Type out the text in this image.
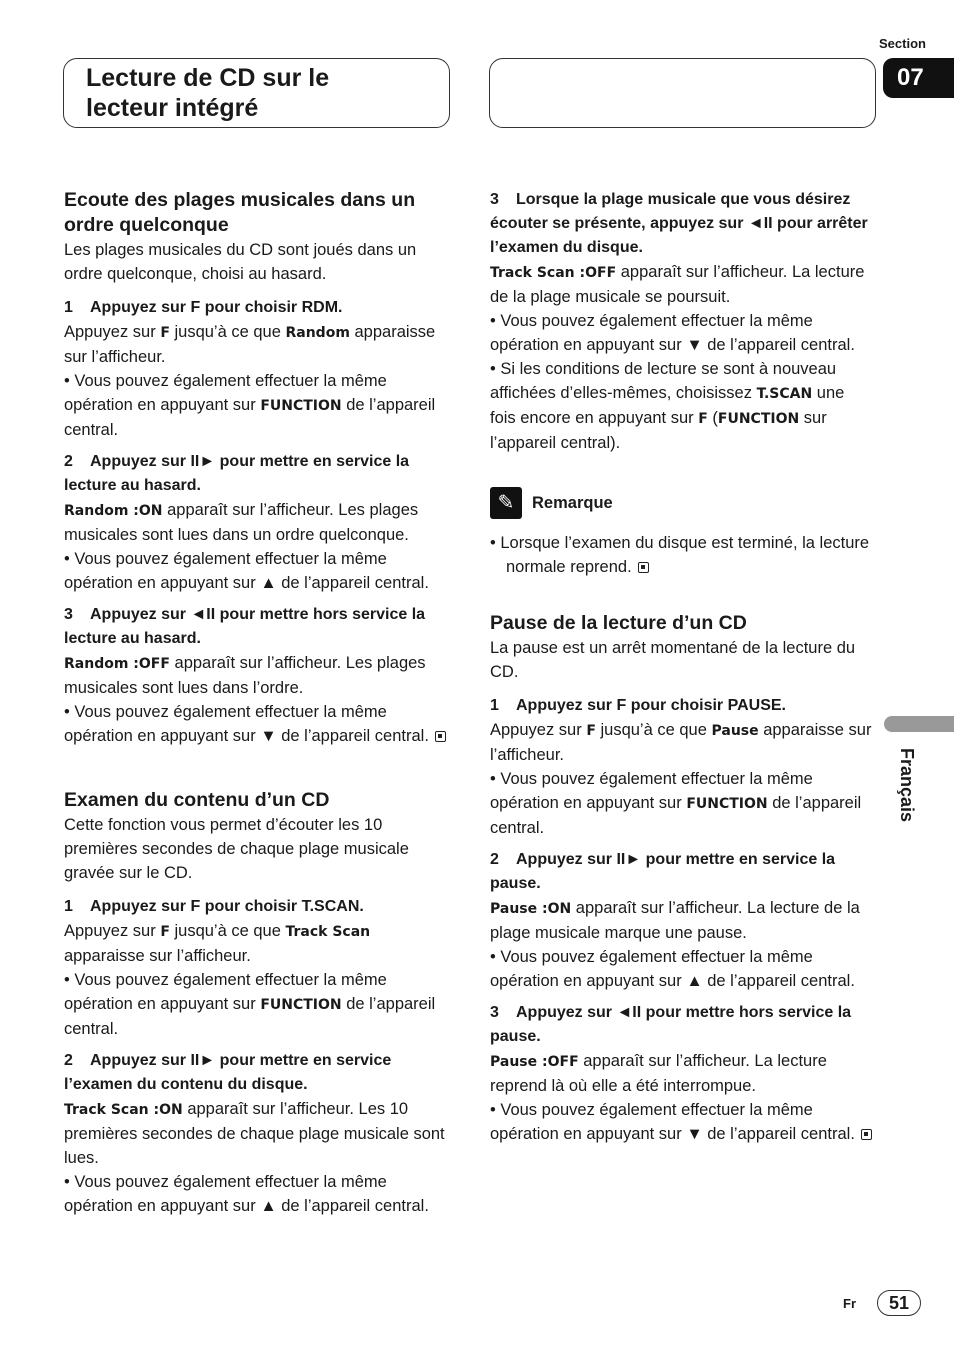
Section
07
Lecture de CD sur le
lecteur intégré
Français

Ecoute des plages musicales dans un ordre quelconque

Les plages musicales du CD sont joués dans un ordre quelconque, choisi au hasard.

1 Appuyez sur F pour choisir RDM.

Appuyez sur F jusqu’à ce que Random apparaisse sur l’afficheur.

• Vous pouvez également effectuer la même opération en appuyant sur FUNCTION de l’appareil central.

2 Appuyez sur II► pour mettre en service la lecture au hasard.

Random :ON apparaît sur l’afficheur. Les plages musicales sont lues dans un ordre quelconque.

• Vous pouvez également effectuer la même opération en appuyant sur ▲ de l’appareil central.

3 Appuyez sur ◄II pour mettre hors service la lecture au hasard.

Random :OFF apparaît sur l’afficheur. Les plages musicales sont lues dans l’ordre.

• Vous pouvez également effectuer la même opération en appuyant sur ▼ de l’appareil central.

Examen du contenu d’un CD

Cette fonction vous permet d’écouter les 10 premières secondes de chaque plage musicale gravée sur le CD.

1 Appuyez sur F pour choisir T.SCAN.

Appuyez sur F jusqu’à ce que Track Scan apparaisse sur l’afficheur.

• Vous pouvez également effectuer la même opération en appuyant sur FUNCTION de l’appareil central.

2 Appuyez sur II► pour mettre en service l’examen du contenu du disque.

Track Scan :ON apparaît sur l’afficheur. Les 10 premières secondes de chaque plage musicale sont lues.

• Vous pouvez également effectuer la même opération en appuyant sur ▲ de l’appareil central.

3 Lorsque la plage musicale que vous désirez écouter se présente, appuyez sur ◄II pour arrêter l’examen du disque.

Track Scan :OFF apparaît sur l’afficheur. La lecture de la plage musicale se poursuit.

• Vous pouvez également effectuer la même opération en appuyant sur ▼ de l’appareil central.

• Si les conditions de lecture se sont à nouveau affichées d’elles-mêmes, choisissez T.SCAN une fois encore en appuyant sur F (FUNCTION sur l’appareil central).

✎	Remarque

• Lorsque l’examen du disque est terminé, la lecture normale reprend.

Pause de la lecture d’un CD

La pause est un arrêt momentané de la lecture du CD.

1 Appuyez sur F pour choisir PAUSE.

Appuyez sur F jusqu’à ce que Pause apparaisse sur l’afficheur.

• Vous pouvez également effectuer la même opération en appuyant sur FUNCTION de l’appareil central.

2 Appuyez sur II► pour mettre en service la pause.

Pause :ON apparaît sur l’afficheur. La lecture de la plage musicale marque une pause.

• Vous pouvez également effectuer la même opération en appuyant sur ▲ de l’appareil central.

3 Appuyez sur ◄II pour mettre hors service la pause.

Pause :OFF apparaît sur l’afficheur. La lecture reprend là où elle a été interrompue.

• Vous pouvez également effectuer la même opération en appuyant sur ▼ de l’appareil central.

Fr	51
